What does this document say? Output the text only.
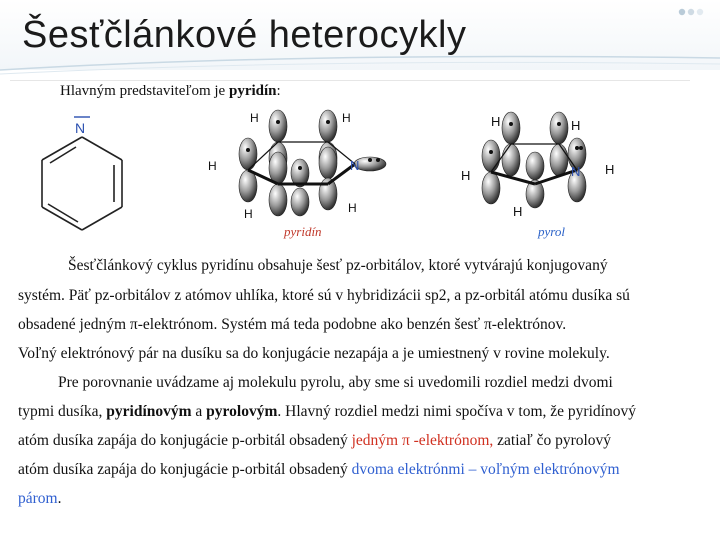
Šesťčlánkové heterocykly
Hlavným predstaviteľom je pyridín:
N
H	H
H
H	H
N
pyridín
H	H
H
H
H
N
pyrol
Šesťčlánkový cyklus pyridínu obsahuje šesť pz-orbitálov, ktoré vytvárajú konjugovaný
systém. Päť pz-orbitálov z atómov uhlíka, ktoré sú v hybridizácii sp2, a pz-orbitál atómu dusíka sú
obsadené jedným π-elektrónom. Systém má teda podobne ako benzén šesť π-elektrónov.
Voľný elektrónový pár na dusíku sa do konjugácie nezapája a je umiestnený v rovine molekuly.
Pre porovnanie uvádzame aj molekulu pyrolu, aby sme si uvedomili rozdiel medzi dvomi
typmi dusíka, pyridínovým a pyrolovým. Hlavný rozdiel medzi nimi spočíva v tom, že pyridínový
atóm dusíka zapája do konjugácie p-orbitál obsadený jedným π -elektrónom, zatiaľ čo pyrolový
atóm dusíka zapája do konjugácie p-orbitál obsadený dvoma elektrónmi – voľným elektrónovým
párom.
